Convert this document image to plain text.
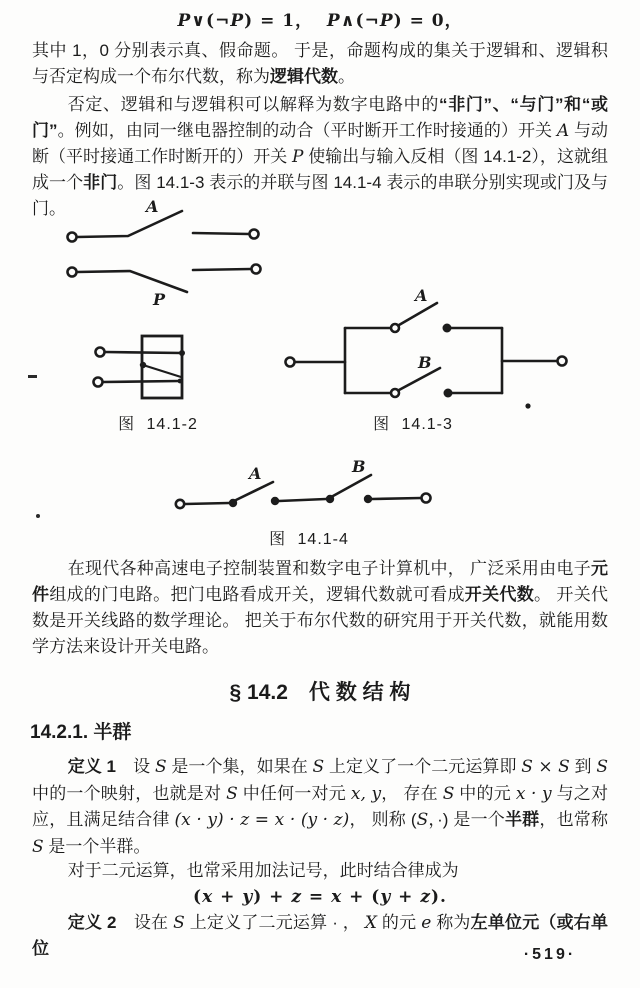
P∨(¬P) = 1，  P∧(¬P) = 0，
其中 1，0 分别表示真、假命题。 于是，命题构成的集关于逻辑和、逻辑积与否定构成一个布尔代数，称为逻辑代数。
否定、逻辑和与逻辑积可以解释为数字电路中的“非门”、“与门”和“或门”。例如，由同一继电器控制的动合（平时断开工作时接通的）开关 A 与动断（平时接通工作时断开的）开关 P 使输出与输入反相（图 14.1-2），这就组成一个非门。图 14.1-3 表示的并联与图 14.1-4 表示的串联分别实现或门及与门。	A
P	A
B
A	B
图 14.1-2	图 14.1-3
图 14.1-4
在现代各种高速电子控制装置和数字电子计算机中， 广泛采用由电子元件组成的门电路。把门电路看成开关，逻辑代数就可看成开关代数。 开关代数是开关线路的数学理论。 把关于布尔代数的研究用于开关代数，就能用数学方法来设计开关电路。
§ 14.2　代 数 结 构
14.2.1. 半群
定义 1　设 S 是一个集，如果在 S 上定义了一个二元运算即 S × S 到 S 中的一个映射，也就是对 S 中任何一对元 x, y， 存在 S 中的元 x · y 与之对应，且满足结合律 (x · y) · z = x · (y · z)， 则称 (S，·) 是一个半群，也常称 S 是一个半群。
对于二元运算，也常采用加法记号，此时结合律成为
(x + y) + z = x + (y + z).
定义 2　设在 S 上定义了二元运算 · ， X 的元 e 称为左单位元（或右单位	·519·
